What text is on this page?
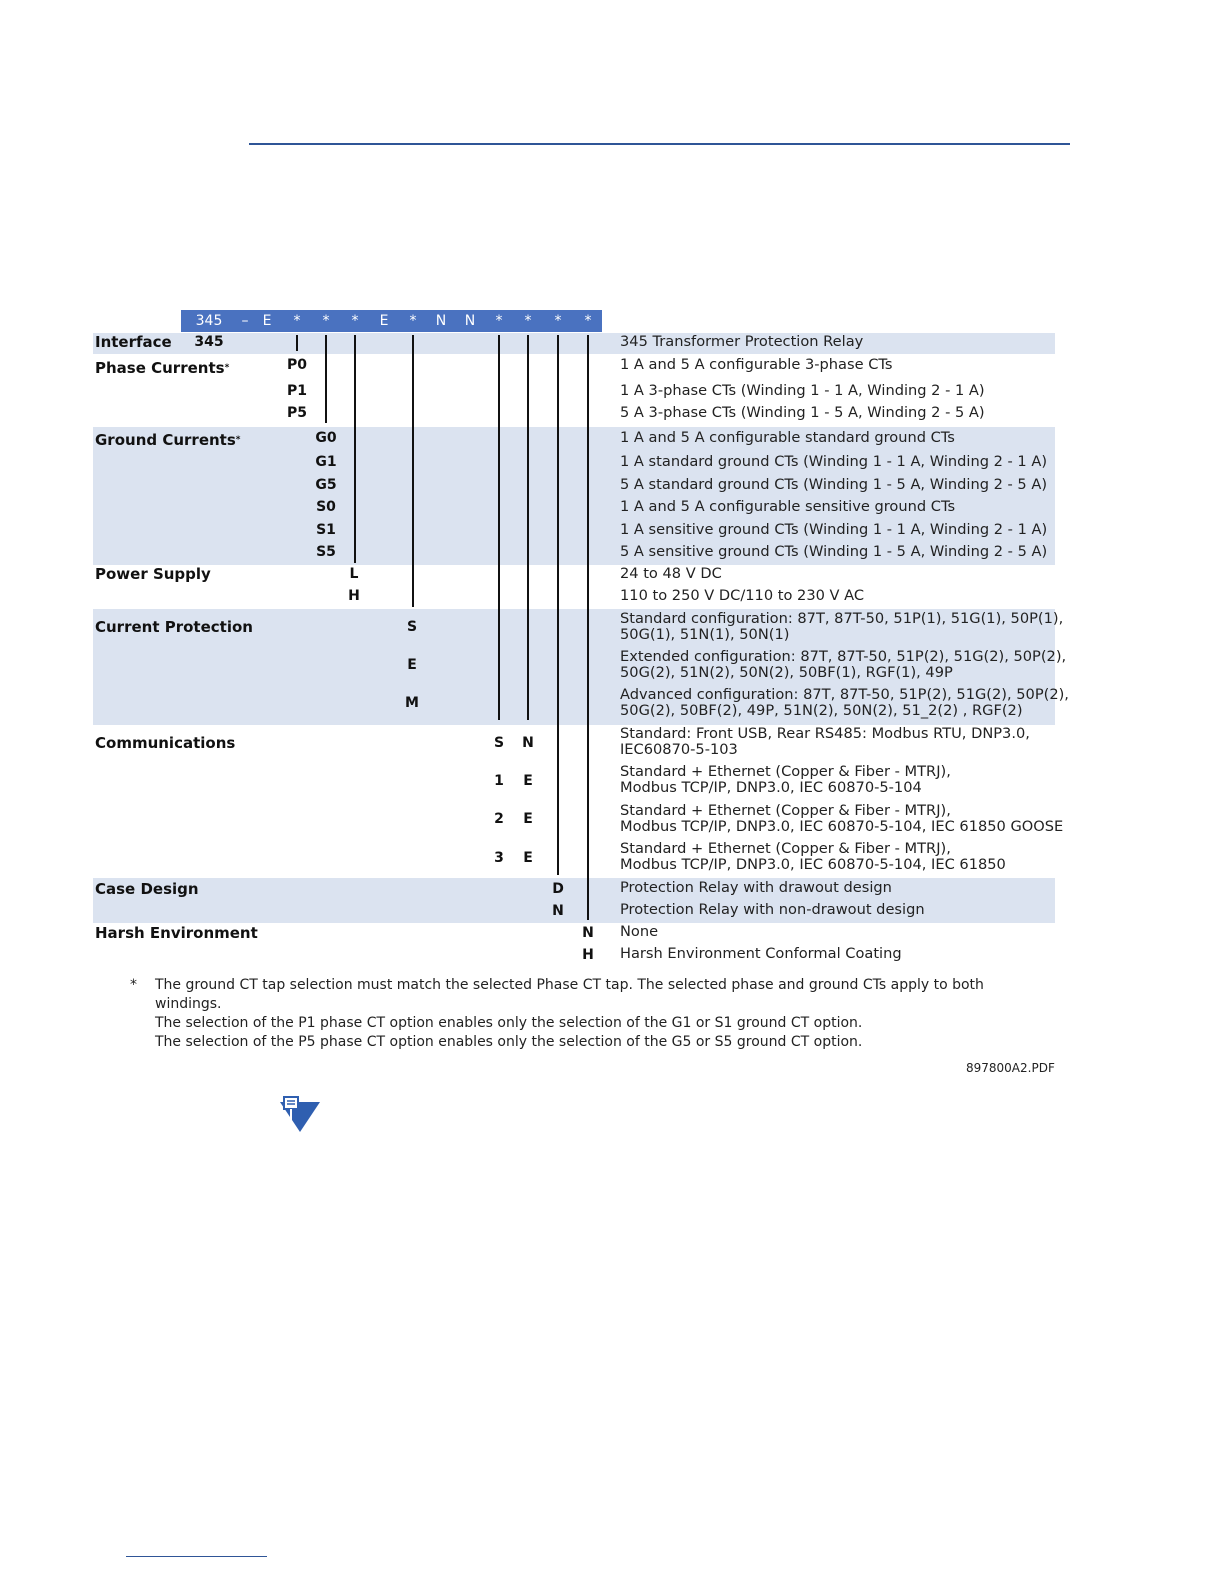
345 – E * * * E * N N * * * *
Interface
Phase Currents*
Ground Currents*
Power Supply
Current Protection
Communications
Case Design
Harsh Environment
345
P0
P1
P5
G0
G1
G5
S0
S1
S5
L
H
S
E
M
S N
1 E
2 E
3 E
D
N
N
H
345 Transformer Protection Relay
1 A and 5 A configurable 3-phase CTs
1 A 3-phase CTs (Winding 1 - 1 A, Winding 2 - 1 A)
5 A 3-phase CTs (Winding 1 - 5 A, Winding 2 - 5 A)
1 A and 5 A configurable standard ground CTs
1 A standard ground CTs (Winding 1 - 1 A, Winding 2 - 1 A)
5 A standard ground CTs (Winding 1 - 5 A, Winding 2 - 5 A)
1 A and 5 A configurable sensitive ground CTs
1 A sensitive ground CTs (Winding 1 - 1 A, Winding 2 - 1 A)
5 A sensitive ground CTs (Winding 1 - 5 A, Winding 2 - 5 A)
24 to 48 V DC
110 to 250 V DC/110 to 230 V AC
Standard configuration: 87T, 87T-50, 51P(1), 51G(1), 50P(1),
50G(1), 51N(1), 50N(1)
Extended configuration: 87T, 87T-50, 51P(2), 51G(2), 50P(2),
50G(2), 51N(2), 50N(2), 50BF(1), RGF(1), 49P
Advanced configuration: 87T, 87T-50, 51P(2), 51G(2), 50P(2),
50G(2), 50BF(2), 49P, 51N(2), 50N(2), 51_2(2) , RGF(2)
Standard: Front USB, Rear RS485: Modbus RTU, DNP3.0,
IEC60870-5-103
Standard + Ethernet (Copper & Fiber - MTRJ),
Modbus TCP/IP, DNP3.0, IEC 60870-5-104
Standard + Ethernet (Copper & Fiber - MTRJ),
Modbus TCP/IP, DNP3.0, IEC 60870-5-104, IEC 61850 GOOSE
Standard + Ethernet (Copper & Fiber - MTRJ),
Modbus TCP/IP, DNP3.0, IEC 60870-5-104, IEC 61850
Protection Relay with drawout design
Protection Relay with non-drawout design
None
Harsh Environment Conformal Coating
* The ground CT tap selection must match the selected Phase CT tap. The selected phase and ground CTs apply to both
windings.
The selection of the P1 phase CT option enables only the selection of the G1 or S1 ground CT option.
The selection of the P5 phase CT option enables only the selection of the G5 or S5 ground CT option.
897800A2.PDF
